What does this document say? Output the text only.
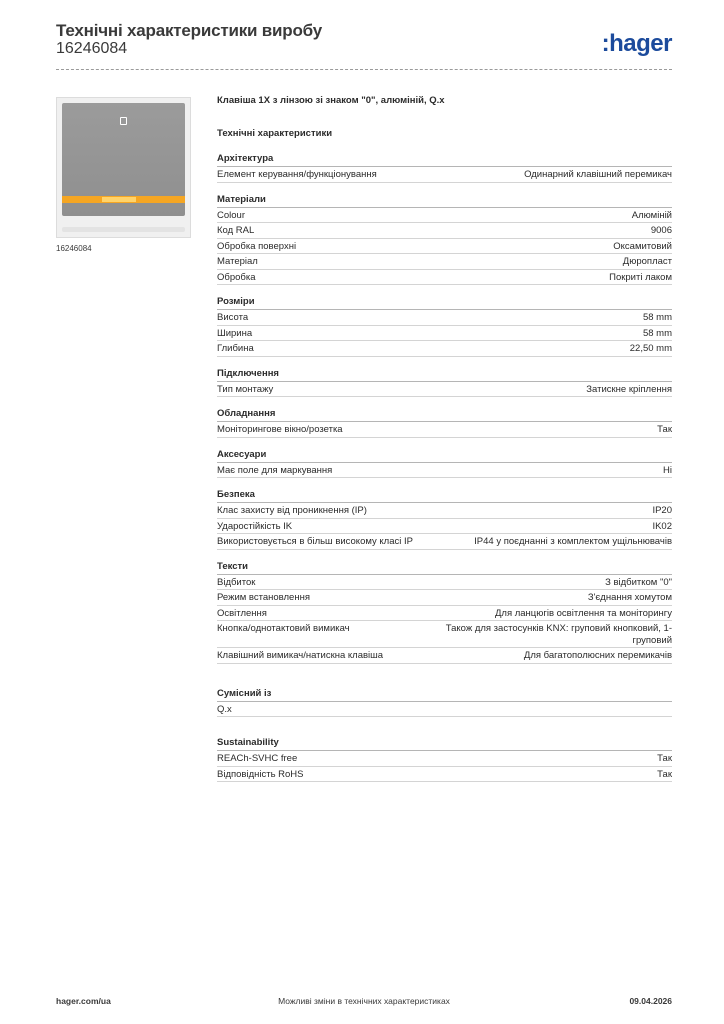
Технічні характеристики виробу
16246084	:hager
16246084
Клавіша 1X з лінзою зі знаком "0", алюміній, Q.x
Технічні характеристики
Архітектура
Елемент керування/функціонування	Одинарний клавішний перемикач
Матеріали
Colour	Алюміній
Код RAL	9006
Обробка поверхні	Оксамитовий
Матеріал	Дюропласт
Обробка	Покриті лаком
Розміри
Висота	58 mm
Ширина	58 mm
Глибина	22,50 mm
Підключення
Тип монтажу	Затискне кріплення
Обладнання
Моніторингове вікно/розетка	Так
Аксесуари
Має поле для маркування	Ні
Безпека
Клас захисту від проникнення (IP)	IP20
Ударостійкість IK	IK02
Використовується в більш високому класі IP	IP44 у поєднанні з комплектом ущільнювачів
Тексти
Відбиток	З відбитком "0"
Режим встановлення	З'єднання хомутом
Освітлення	Для ланцюгів освітлення та моніторингу
Кнопка/однотактовий вимикач	Також для застосунків KNX: груповий кнопковий, 1-груповий
Клавішний вимикач/натискна клавіша	Для багатополюсних перемикачів
Сумісний із
Q.x
Sustainability
REACh-SVHC free	Так
Відповідність RoHS	Так
hager.com/ua	Можливі зміни в технічних характеристиках	09.04.2026
